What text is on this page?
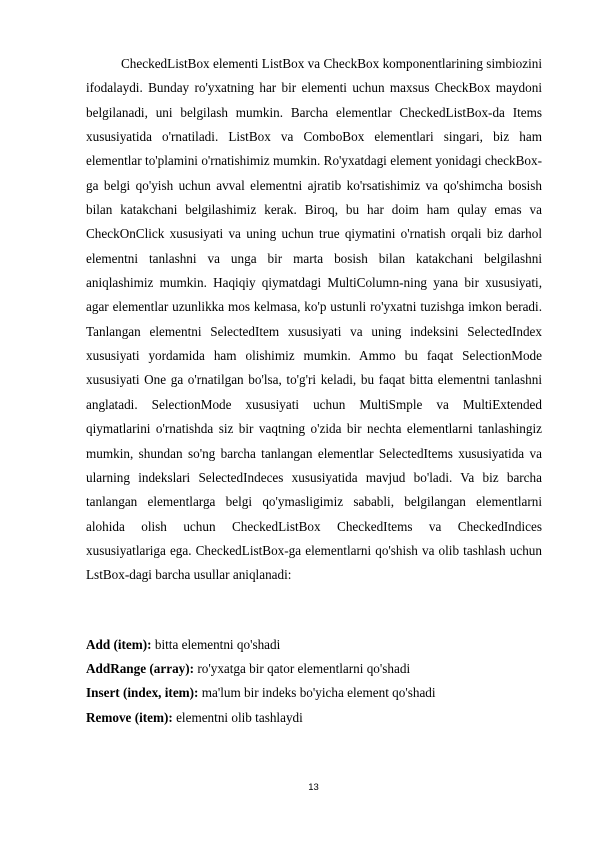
CheckedListBox elementi ListBox va CheckBox komponentlarining simbiozini ifodalaydi. Bunday ro'yxatning har bir elementi uchun maxsus CheckBox maydoni belgilanadi, uni belgilash mumkin. Barcha elementlar CheckedListBox-da Items xususiyatida o'rnatiladi. ListBox va ComboBox elementlari singari, biz ham elementlar to'plamini o'rnatishimiz mumkin. Ro'yxatdagi element yonidagi checkBox-ga belgi qo'yish uchun avval elementni ajratib ko'rsatishimiz va qo'shimcha bosish bilan katakchani belgilashimiz kerak. Biroq, bu har doim ham qulay emas va CheckOnClick xususiyati va uning uchun true qiymatini o'rnatish orqali biz darhol elementni tanlashni va unga bir marta bosish bilan katakchani belgilashni aniqlashimiz mumkin. Haqiqiy qiymatdagi MultiColumn-ning yana bir xususiyati, agar elementlar uzunlikka mos kelmasa, ko'p ustunli ro'yxatni tuzishga imkon beradi. Tanlangan elementni SelectedItem xususiyati va uning indeksini SelectedIndex xususiyati yordamida ham olishimiz mumkin. Ammo bu faqat SelectionMode xususiyati One ga o'rnatilgan bo'lsa, to'g'ri keladi, bu faqat bitta elementni tanlashni anglatadi. SelectionMode xususiyati uchun MultiSmple va MultiExtended qiymatlarini o'rnatishda siz bir vaqtning o'zida bir nechta elementlarni tanlashingiz mumkin, shundan so'ng barcha tanlangan elementlar SelectedItems xususiyatida va ularning indekslari SelectedIndeces xususiyatida mavjud bo'ladi. Va biz barcha tanlangan elementlarga belgi qo'ymasligimiz sababli, belgilangan elementlarni alohida olish uchun CheckedListBox CheckedItems va CheckedIndices xususiyatlariga ega. CheckedListBox-ga elementlarni qo'shish va olib tashlash uchun LstBox-dagi barcha usullar aniqlanadi:

Add (item): bitta elementni qo'shadi

AddRange (array): ro'yxatga bir qator elementlarni qo'shadi

Insert (index, item): ma'lum bir indeks bo'yicha element qo'shadi

Remove (item): elementni olib tashlaydi

13
